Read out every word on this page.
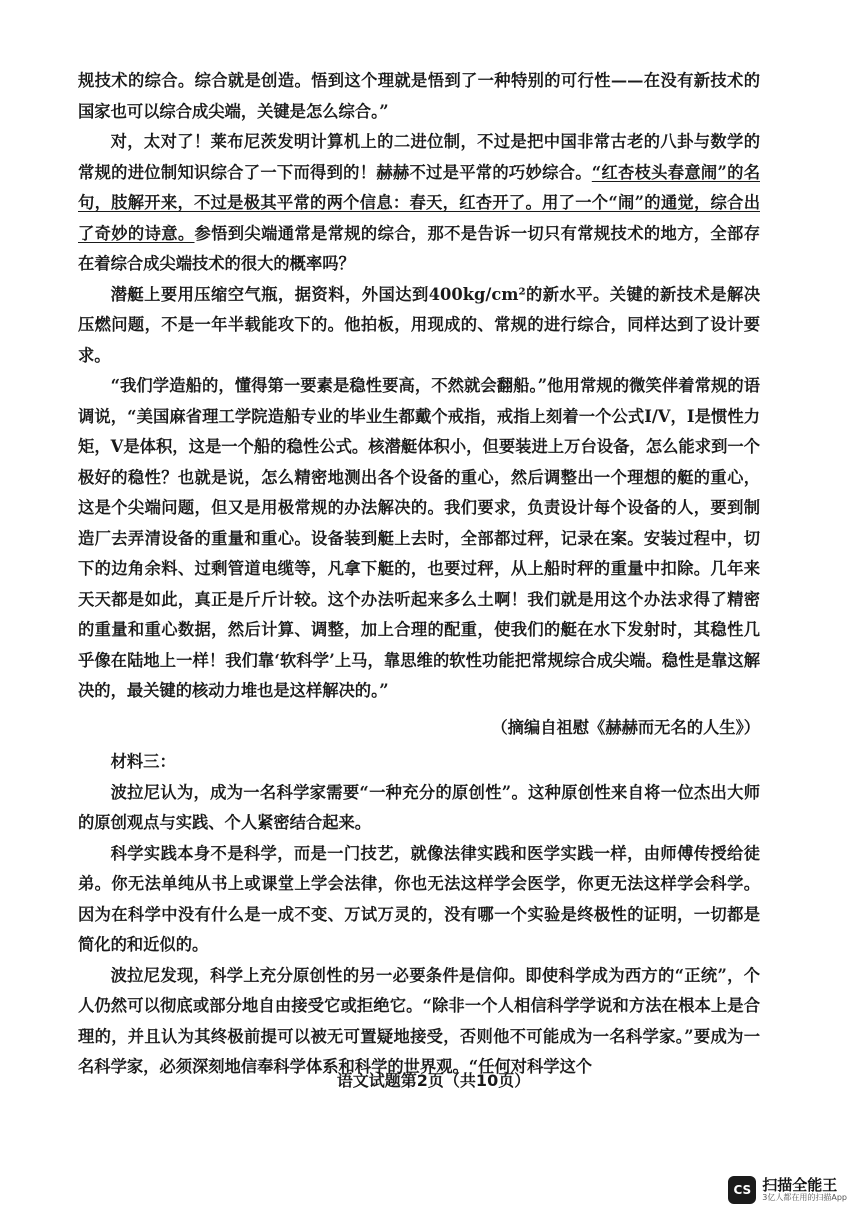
规技术的综合。综合就是创造。悟到这个理就是悟到了一种特别的可行性——在没有新技术的国家也可以综合成尖端，关键是怎么综合。”

对，太对了！莱布尼茨发明计算机上的二进位制，不过是把中国非常古老的八卦与数学的常规的进位制知识综合了一下而得到的！赫赫不过是平常的巧妙综合。“红杏枝头春意闹”的名句，肢解开来，不过是极其平常的两个信息：春天，红杏开了。用了一个“闹”的通觉，综合出了奇妙的诗意。参悟到尖端通常是常规的综合，那不是告诉一切只有常规技术的地方，全部存在着综合成尖端技术的很大的概率吗？

潜艇上要用压缩空气瓶，据资料，外国达到400kg/cm²的新水平。关键的新技术是解决压燃问题，不是一年半载能攻下的。他拍板，用现成的、常规的进行综合，同样达到了设计要求。

“我们学造船的，懂得第一要素是稳性要高，不然就会翻船。”他用常规的微笑伴着常规的语调说，“美国麻省理工学院造船专业的毕业生都戴个戒指，戒指上刻着一个公式I/V，I是惯性力矩，V是体积，这是一个船的稳性公式。核潜艇体积小，但要装进上万台设备，怎么能求到一个极好的稳性？也就是说，怎么精密地测出各个设备的重心，然后调整出一个理想的艇的重心，这是个尖端问题，但又是用极常规的办法解决的。我们要求，负责设计每个设备的人，要到制造厂去弄清设备的重量和重心。设备装到艇上去时，全部都过秤，记录在案。安装过程中，切下的边角余料、过剩管道电缆等，凡拿下艇的，也要过秤，从上船时秤的重量中扣除。几年来天天都是如此，真正是斤斤计较。这个办法听起来多么土啊！我们就是用这个办法求得了精密的重量和重心数据，然后计算、调整，加上合理的配重，使我们的艇在水下发射时，其稳性几乎像在陆地上一样！我们靠‘软科学’上马，靠思维的软性功能把常规综合成尖端。稳性是靠这解决的，最关键的核动力堆也是这样解决的。”

（摘编自祖慰《赫赫而无名的人生》）

材料三：

波拉尼认为，成为一名科学家需要“一种充分的原创性”。这种原创性来自将一位杰出大师的原创观点与实践、个人紧密结合起来。

科学实践本身不是科学，而是一门技艺，就像法律实践和医学实践一样，由师傅传授给徒弟。你无法单纯从书上或课堂上学会法律，你也无法这样学会医学，你更无法这样学会科学。因为在科学中没有什么是一成不变、万试万灵的，没有哪一个实验是终极性的证明，一切都是简化的和近似的。

波拉尼发现，科学上充分原创性的另一必要条件是信仰。即使科学成为西方的“正统”，个人仍然可以彻底或部分地自由接受它或拒绝它。“除非一个人相信科学学说和方法在根本上是合理的，并且认为其终极前提可以被无可置疑地接受，否则他不可能成为一名科学家。”要成为一名科学家，必须深刻地信奉科学体系和科学的世界观。“任何对科学这个

语文试题第2页（共10页）
CS 扫描全能王
3亿人都在用的扫描App
